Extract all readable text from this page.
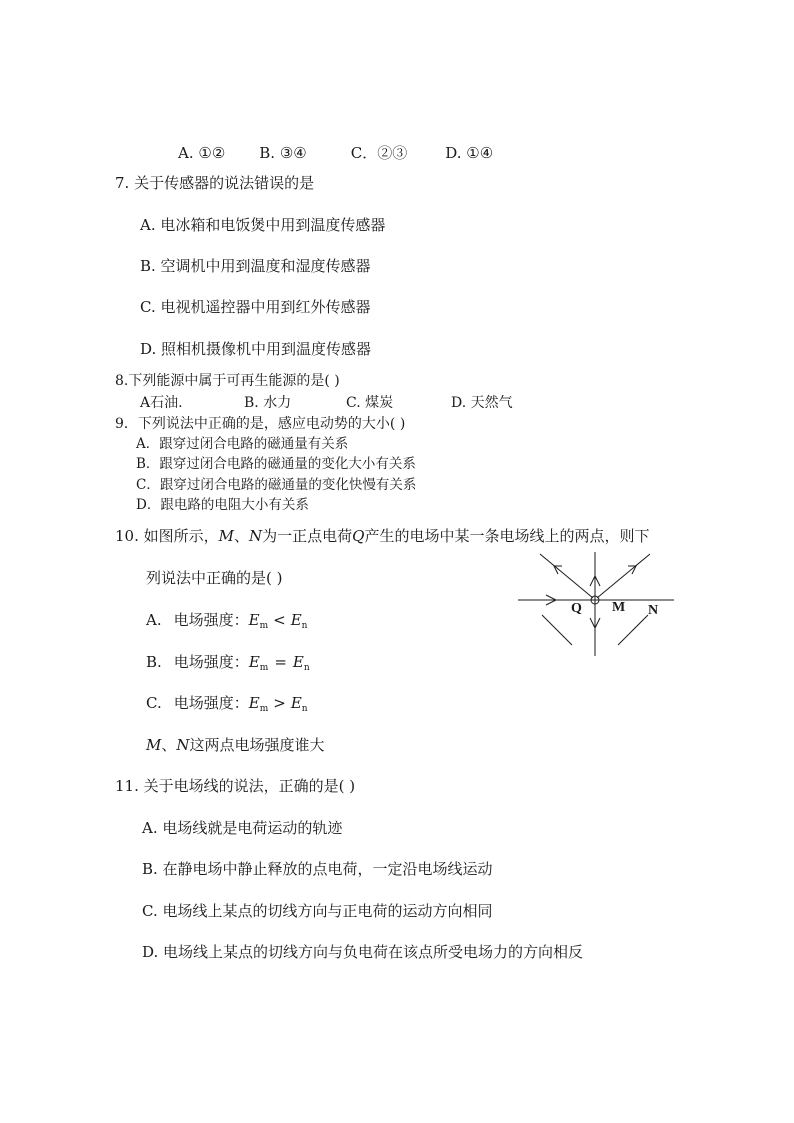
A. ①② B. ③④	C．②③	D. ①④
7. 关于传感器的说法错误的是
A. 电冰箱和电饭煲中用到温度传感器
B. 空调机中用到温度和湿度传感器
C. 电视机遥控器中用到红外传感器
D. 照相机摄像机中用到温度传感器
8.下列能源中属于可再生能源的是( )
A石油.	B. 水力	C. 煤炭	D. 天然气
9．下列说法中正确的是，感应电动势的大小( )
A．跟穿过闭合电路的磁通量有关系
B．跟穿过闭合电路的磁通量的变化大小有关系
C．跟穿过闭合电路的磁通量的变化快慢有关系
D．跟电路的电阻大小有关系
10. 如图所示，M、N为一正点电荷Q产生的电场中某一条电场线上的两点，则下
列说法中正确的是( )
A. 电场强度：$E_m < E_n$
B. 电场强度：$E_m = E_n$
C. 电场强度：$E_m > E_n$
M、N这两点电场强度谁大
Q M N
11. 关于电场线的说法，正确的是( )
A. 电场线就是电荷运动的轨迹
B. 在静电场中静止释放的点电荷，一定沿电场线运动
C. 电场线上某点的切线方向与正电荷的运动方向相同
D. 电场线上某点的切线方向与负电荷在该点所受电场力的方向相反
